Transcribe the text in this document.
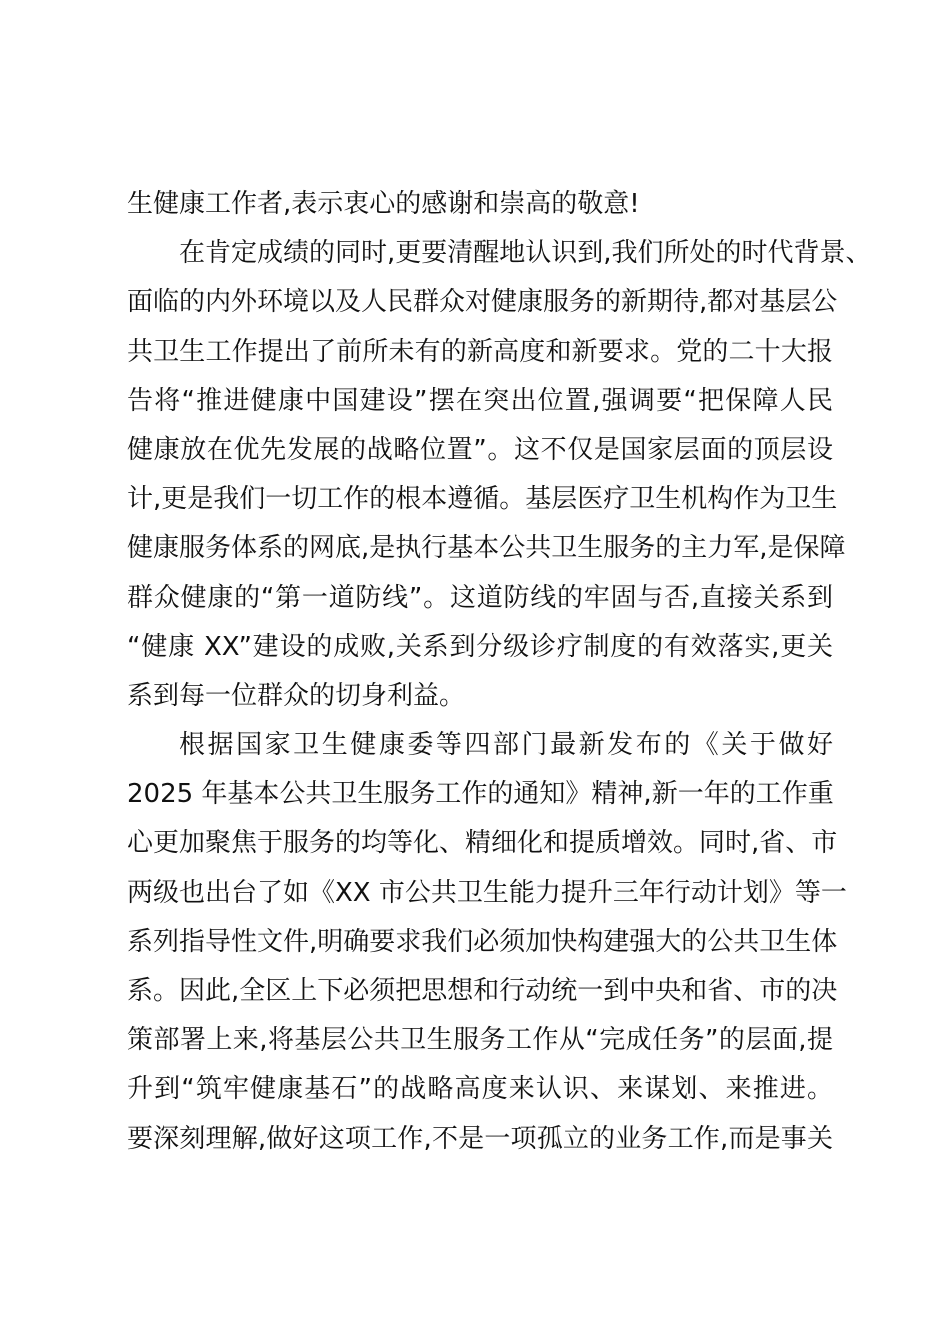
生健康工作者,表示衷心的感谢和崇高的敬意!
在肯定成绩的同时,更要清醒地认识到,我们所处的时代背景、
面临的内外环境以及人民群众对健康服务的新期待,都对基层公
共卫生工作提出了前所未有的新高度和新要求。党的二十大报
告将“推进健康中国建设”摆在突出位置,强调要“把保障人民
健康放在优先发展的战略位置”。这不仅是国家层面的顶层设
计,更是我们一切工作的根本遵循。基层医疗卫生机构作为卫生
健康服务体系的网底,是执行基本公共卫生服务的主力军,是保障
群众健康的“第一道防线”。这道防线的牢固与否,直接关系到
“健康 XX”建设的成败,关系到分级诊疗制度的有效落实,更关
系到每一位群众的切身利益。
根据国家卫生健康委等四部门最新发布的《关于做好
2025 年基本公共卫生服务工作的通知》精神,新一年的工作重
心更加聚焦于服务的均等化、精细化和提质增效。同时,省、市
两级也出台了如《XX 市公共卫生能力提升三年行动计划》等一
系列指导性文件,明确要求我们必须加快构建强大的公共卫生体
系。因此,全区上下必须把思想和行动统一到中央和省、市的决
策部署上来,将基层公共卫生服务工作从“完成任务”的层面,提
升到“筑牢健康基石”的战略高度来认识、来谋划、来推进。
要深刻理解,做好这项工作,不是一项孤立的业务工作,而是事关
